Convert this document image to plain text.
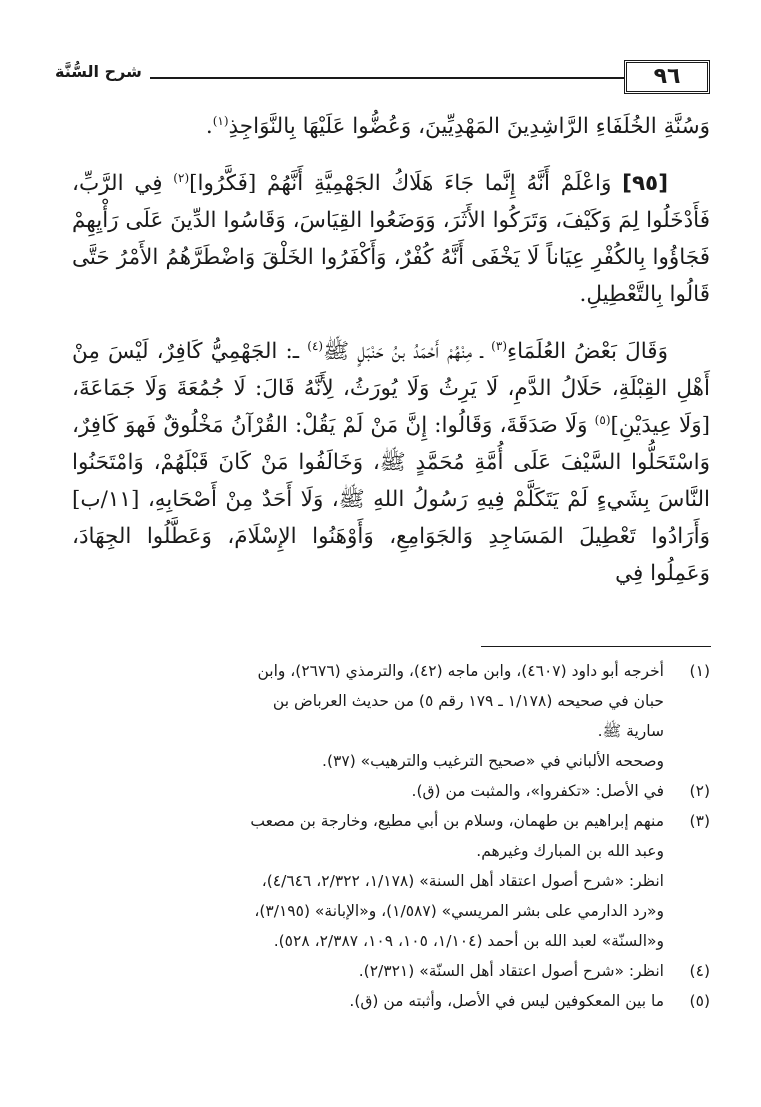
٩٦
شرح السُّنَّة

وَسُنَّةِ الخُلَفَاءِ الرَّاشِدِينَ المَهْدِيِّينَ، وَعُضُّوا عَلَيْهَا بِالنَّوَاجِذِ$^{(١)}$.

[٩٥] وَاعْلَمْ أَنَّهُ إِنَّما جَاءَ هَلَاكُ الجَهْمِيَّةِ أَنَّهُمْ [فَكَّرُوا]$^{(٢)}$ فِي الرَّبِّ، فَأَدْخَلُوا لِمَ وَكَيْفَ، وَتَرَكُوا الأَثَرَ، وَوَضَعُوا القِيَاسَ، وَقَاسُوا الدِّينَ عَلَى رَأْيِهِمْ فَجَاؤُوا بِالكُفْرِ عِيَاناً لَا يَخْفَى أَنَّهُ كُفْرٌ، وَأَكْفَرُوا الخَلْقَ وَاضْطَرَّهُمُ الأَمْرُ حَتَّى قَالُوا بِالتَّعْطِيلِ.

وَقَالَ بَعْضُ العُلَمَاءِ$^{(٣)}$ ـ مِنْهُمْ أَحْمَدُ بنُ حَنْبَلٍ ﷺ$^{(٤)}$ ـ: الجَهْمِيُّ كَافِرٌ، لَيْسَ مِنْ أَهْلِ القِبْلَةِ، حَلَالُ الدَّمِ، لَا يَرِثُ وَلَا يُورَثُ، لِأَنَّهُ قَالَ: لَا جُمُعَةَ وَلَا جَمَاعَةَ، [وَلَا عِيدَيْنِ]$^{(٥)}$ وَلَا صَدَقَةَ، وَقَالُوا: إِنَّ مَنْ لَمْ يَقُلْ: القُرْآنُ مَخْلُوقٌ فَهوَ كَافِرٌ، وَاسْتَحَلُّوا السَّيْفَ عَلَى أُمَّةِ مُحَمَّدٍ ﷺ، وَخَالَفُوا مَنْ كَانَ قَبْلَهُمْ، وَامْتَحَنُوا النَّاسَ بِشَيءٍ لَمْ يَتَكَلَّمْ فِيهِ رَسُولُ اللهِ ﷺ، وَلَا أَحَدٌ مِنْ أَصْحَابِهِ، [١١/ب] وَأَرَادُوا تَعْطِيلَ المَسَاجِدِ وَالجَوَامِعِ، وَأَوْهَنُوا الإِسْلَامَ، وَعَطَّلُوا الجِهَادَ، وَعَمِلُوا فِي

(١)
أخرجه أبو داود (٤٦٠٧)، وابن ماجه (٤٢)، والترمذي (٢٦٧٦)، وابن
حبان في صحيحه (١/١٧٨ ـ ١٧٩ رقم ٥) من حديث العرباض بن
سارية ﷺ.
وصححه الألباني في «صحيح الترغيب والترهيب» (٣٧).
(٢)
في الأصل: «تكفروا»، والمثبت من (ق).
(٣)
منهم إبراهيم بن طهمان، وسلام بن أبي مطيع، وخارجة بن مصعب
وعبد الله بن المبارك وغيرهم.
انظر: «شرح أصول اعتقاد أهل السنة» (١/١٧٨، ٢/٣٢٢، ٤/٦٤٦)،
و«رد الدارمي على بشر المريسي» (١/٥٨٧)، و«الإبانة» (٣/١٩٥)،
و«السنّة» لعبد الله بن أحمد (١/١٠٤، ١٠٥، ١٠٩، ٢/٣٨٧، ٥٢٨).
(٤)
انظر: «شرح أصول اعتقاد أهل السنّة» (٢/٣٢١).
(٥)
ما بين المعكوفين ليس في الأصل، وأثبته من (ق).
